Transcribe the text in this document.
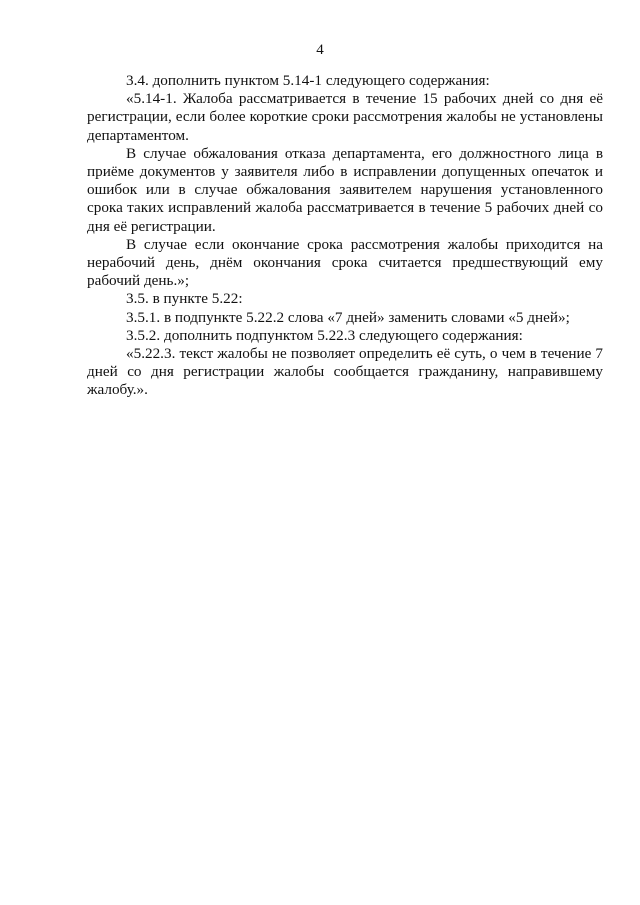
4

3.4. дополнить пунктом 5.14-1 следующего содержания:

«5.14-1. Жалоба рассматривается в течение 15 рабочих дней со дня её регистрации, если более короткие сроки рассмотрения жалобы не установлены департаментом.

В случае обжалования отказа департамента, его должностного лица в приёме документов у заявителя либо в исправлении допущенных опечаток и ошибок или в случае обжалования заявителем нарушения установленного срока таких исправлений жалоба рассматривается в течение 5 рабочих дней со дня её регистрации.

В случае если окончание срока рассмотрения жалобы приходится на нерабочий день, днём окончания срока считается предшествующий ему рабочий день.»;

3.5. в пункте 5.22:

3.5.1. в подпункте 5.22.2 слова «7 дней» заменить словами «5 дней»;

3.5.2. дополнить подпунктом 5.22.3 следующего содержания:

«5.22.3. текст жалобы не позволяет определить её суть, о чем в течение 7 дней со дня регистрации жалобы сообщается гражданину, направившему жалобу.».
